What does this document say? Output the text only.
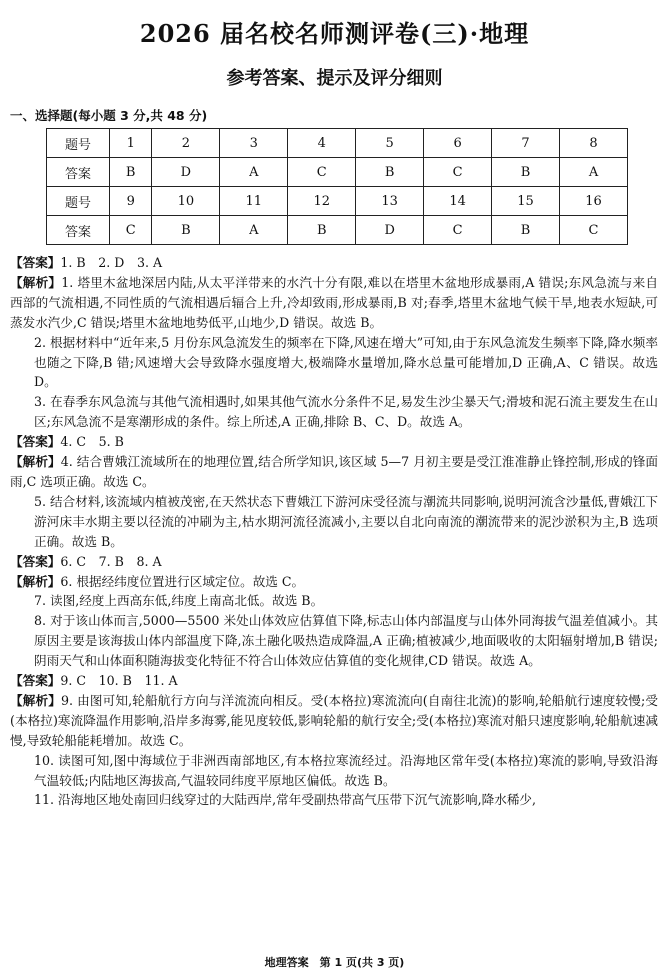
2026 届名校名师测评卷(三)·地理
参考答案、提示及评分细则
一、选择题(每小题 3 分,共 48 分)
题号	1	2	3	4	5	6	7	8
答案	B	D	A	C	B	C	B	A
题号	9	10	11	12	13	14	15	16
答案	C	B	A	B	D	C	B	C

【答案】1. B　2. D　3. A

【解析】1. 塔里木盆地深居内陆,从太平洋带来的水汽十分有限,难以在塔里木盆地形成暴雨,A 错误;东风急流与来自西部的气流相遇,不同性质的气流相遇后辐合上升,冷却致雨,形成暴雨,B 对;春季,塔里木盆地气候干旱,地表水短缺,可蒸发水汽少,C 错误;塔里木盆地地势低平,山地少,D 错误。故选 B。

2. 根据材料中“近年来,5 月份东风急流发生的频率在下降,风速在增大”可知,由于东风急流发生频率下降,降水频率也随之下降,B 错;风速增大会导致降水强度增大,极端降水量增加,降水总量可能增加,D 正确,A、C 错误。故选 D。

3. 在春季东风急流与其他气流相遇时,如果其他气流水分条件不足,易发生沙尘暴天气;滑坡和泥石流主要发生在山区;东风急流不是寒潮形成的条件。综上所述,A 正确,排除 B、C、D。故选 A。

【答案】4. C　5. B

【解析】4. 结合曹娥江流域所在的地理位置,结合所学知识,该区域 5—7 月初主要是受江淮准静止锋控制,形成的锋面雨,C 选项正确。故选 C。

5. 结合材料,该流域内植被茂密,在天然状态下曹娥江下游河床受径流与潮流共同影响,说明河流含沙量低,曹娥江下游河床丰水期主要以径流的冲刷为主,枯水期河流径流减小,主要以自北向南流的潮流带来的泥沙淤积为主,B 选项正确。故选 B。

【答案】6. C　7. B　8. A

【解析】6. 根据经纬度位置进行区域定位。故选 C。

7. 读图,经度上西高东低,纬度上南高北低。故选 B。

8. 对于该山体而言,5000—5500 米处山体效应估算值下降,标志山体内部温度与山体外同海拔气温差值减小。其原因主要是该海拔山体内部温度下降,冻土融化吸热造成降温,A 正确;植被减少,地面吸收的太阳辐射增加,B 错误;阴雨天气和山体面积随海拔变化特征不符合山体效应估算值的变化规律,CD 错误。故选 A。

【答案】9. C　10. B　11. A

【解析】9. 由图可知,轮船航行方向与洋流流向相反。受(本格拉)寒流流向(自南往北流)的影响,轮船航行速度较慢;受(本格拉)寒流降温作用影响,沿岸多海雾,能见度较低,影响轮船的航行安全;受(本格拉)寒流对船只速度影响,轮船航速减慢,导致轮船能耗增加。故选 C。

10. 读图可知,图中海域位于非洲西南部地区,有本格拉寒流经过。沿海地区常年受(本格拉)寒流的影响,导致沿海气温较低;内陆地区海拔高,气温较同纬度平原地区偏低。故选 B。

11. 沿海地区地处南回归线穿过的大陆西岸,常年受副热带高气压带下沉气流影响,降水稀少,

地理答案　第 1 页(共 3 页)
